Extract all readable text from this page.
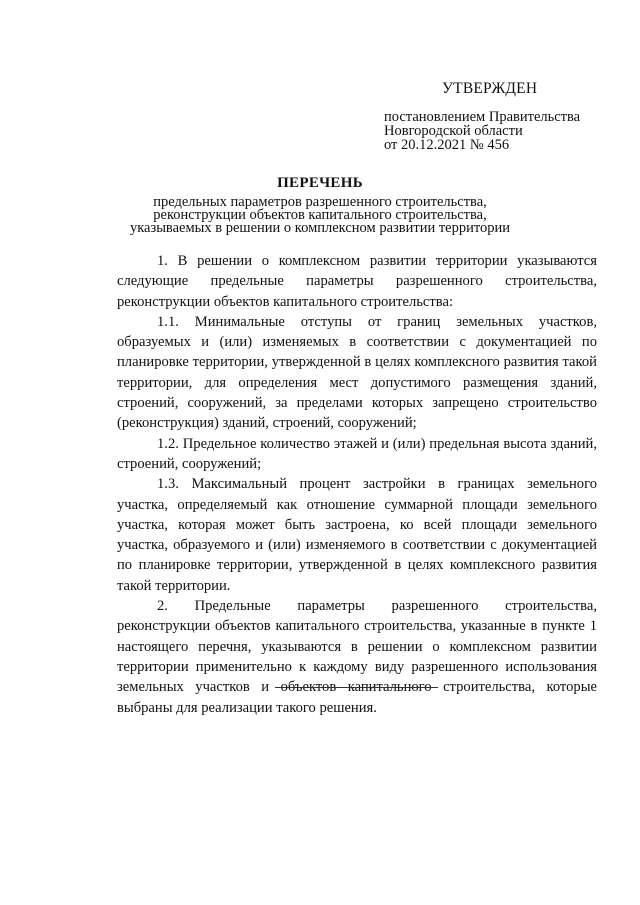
УТВЕРЖДЕН
постановлением Правительства
Новгородской области
от 20.12.2021 № 456
ПЕРЕЧЕНЬ
предельных параметров разрешенного строительства, реконструкции объектов капитального строительства, указываемых в решении о комплексном развитии территории

1. В решении о комплексном развитии территории указываются следующие предельные параметры разрешенного строительства, реконструкции объектов капитального строительства:

1.1. Минимальные отступы от границ земельных участков, образуемых и (или) изменяемых в соответствии с документацией по планировке территории, утвержденной в целях комплексного развития такой территории, для определения мест допустимого размещения зданий, строений, сооружений, за пределами которых запрещено строительство (реконструкция) зданий, строений, сооружений;

1.2. Предельное количество этажей и (или) предельная высота зданий, строений, сооружений;

1.3. Максимальный процент застройки в границах земельного участка, определяемый как отношение суммарной площади земельного участка, которая может быть застроена, ко всей площади земельного участка, образуемого и (или) изменяемого в соответствии с документацией по планировке территории, утвержденной в целях комплексного развития такой территории.

2. Предельные параметры разрешенного строительства, реконструкции объектов капитального строительства, указанные в пункте 1 настоящего перечня, указываются в решении о комплексном развитии территории применительно к каждому виду разрешенного использования земельных участков и объектов капитального строительства, которые выбраны для реализации такого решения.
